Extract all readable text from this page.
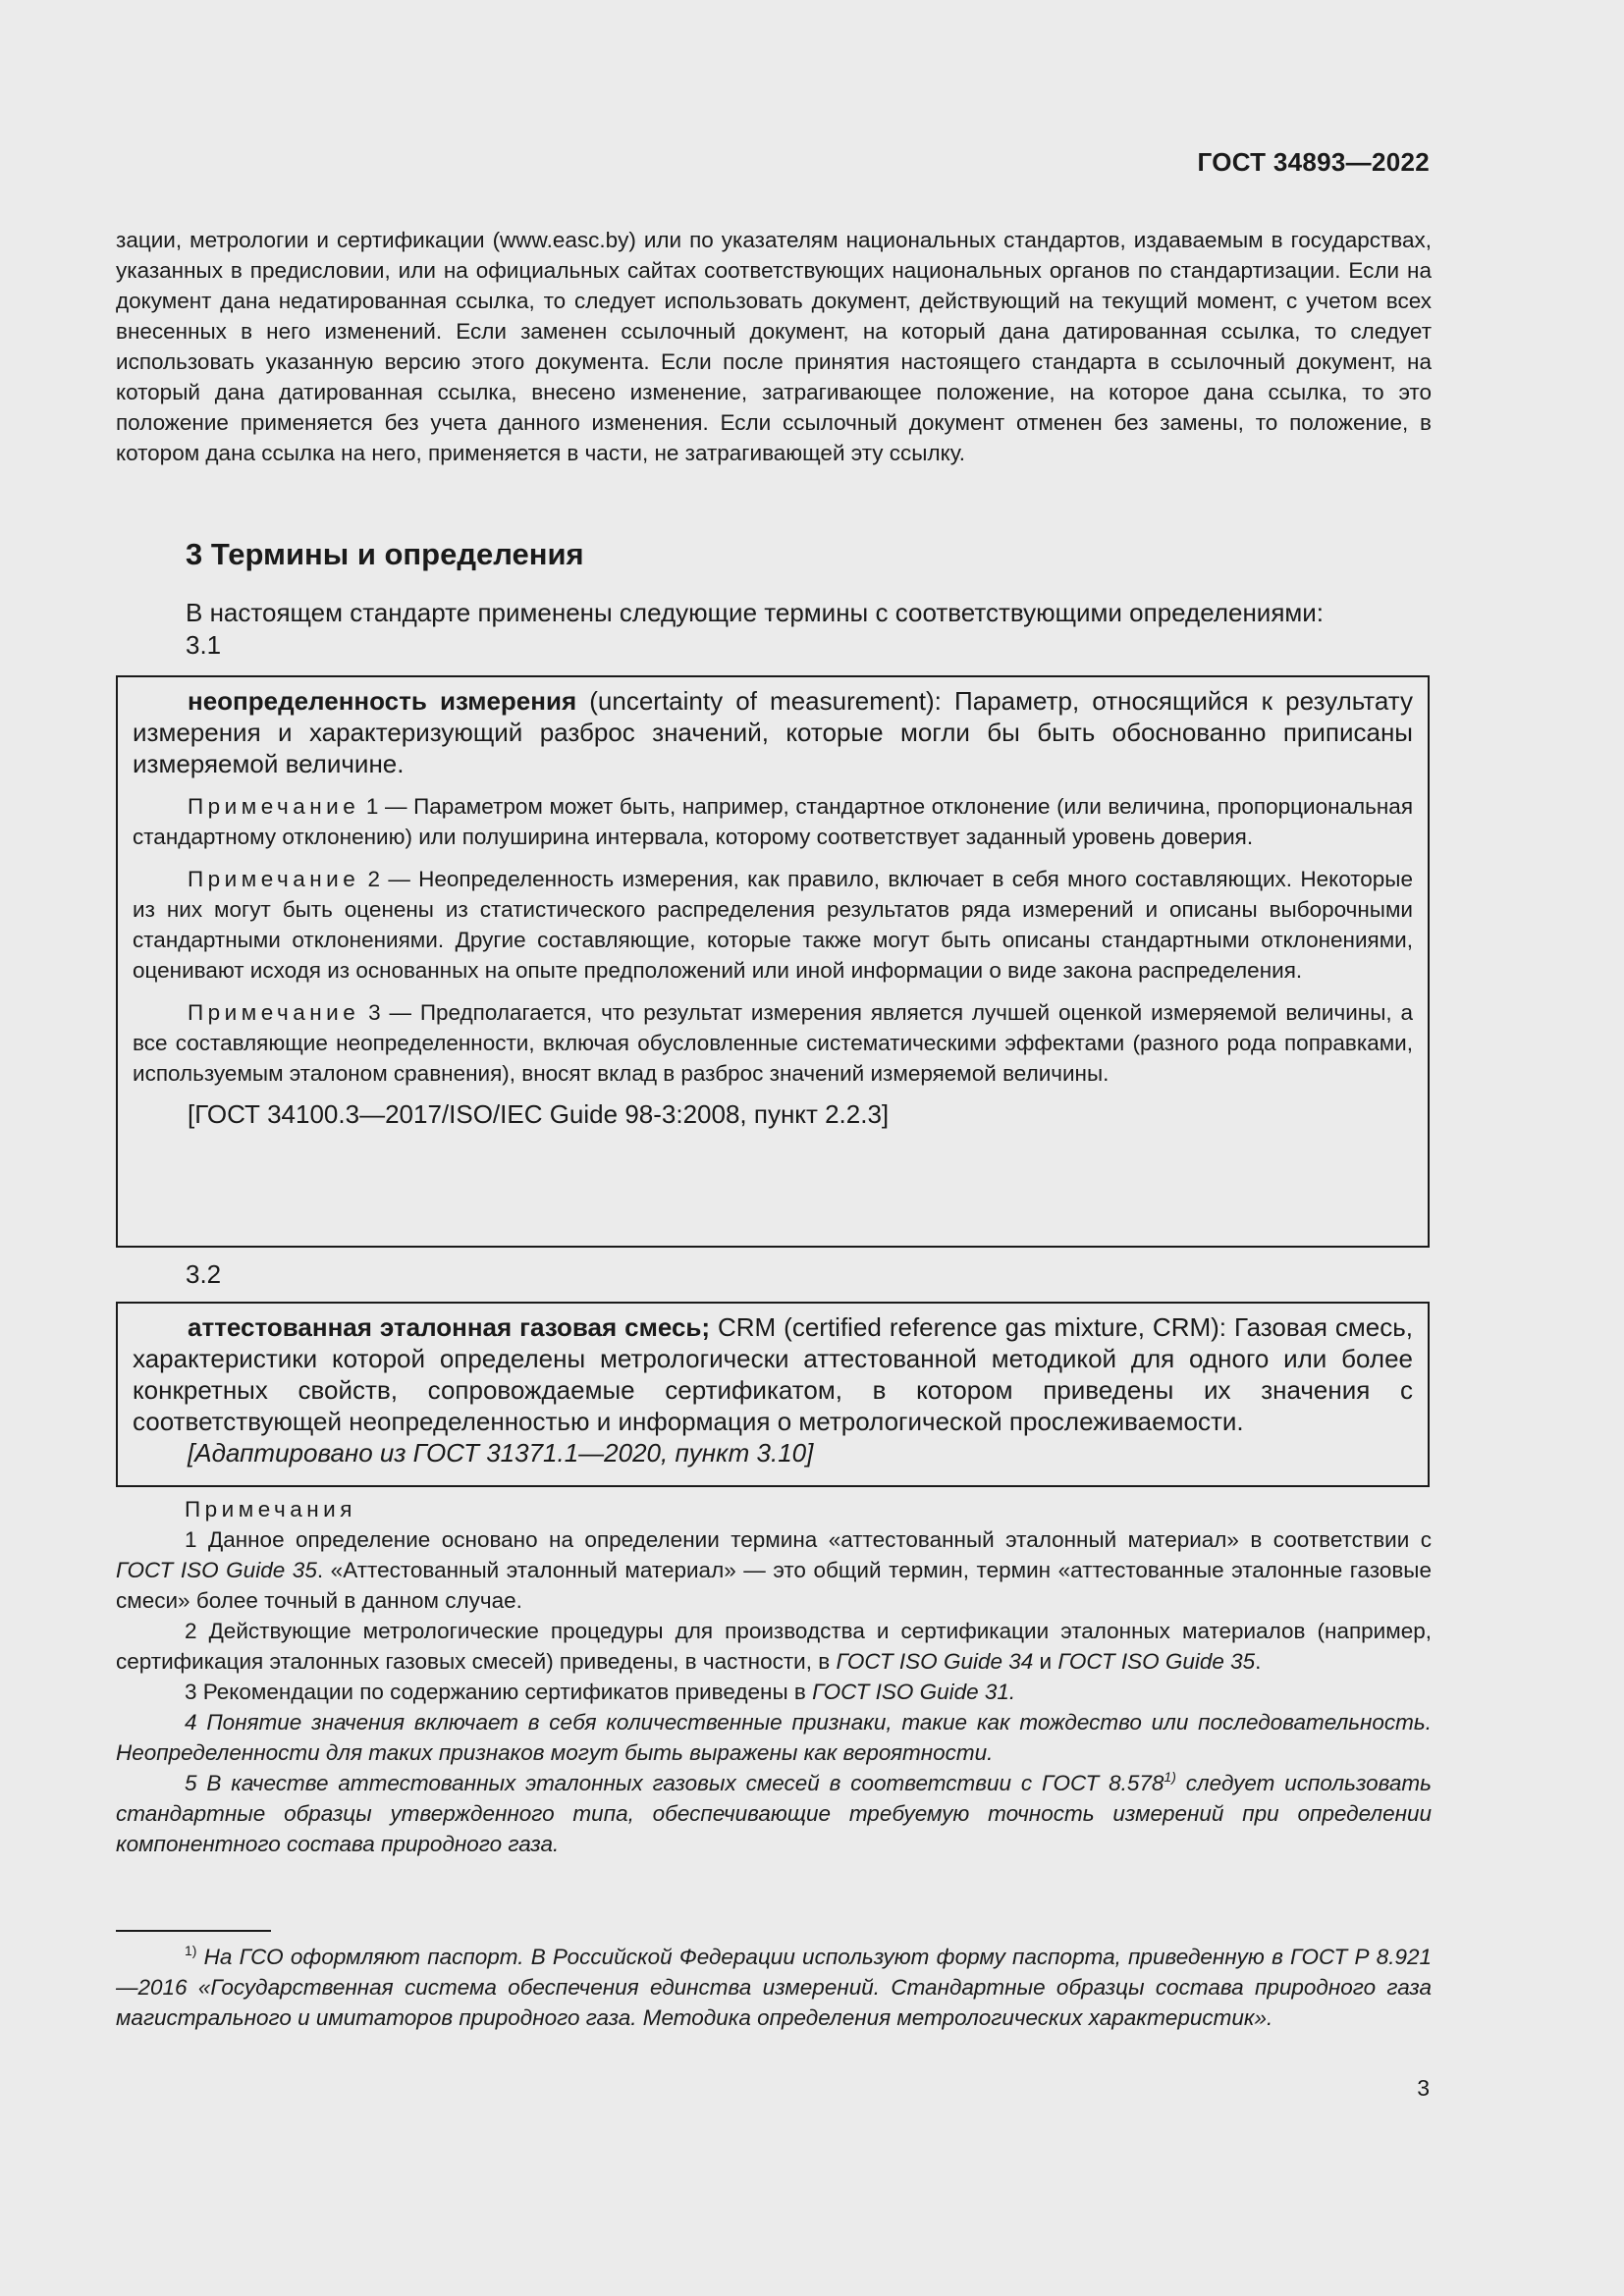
ГОСТ 34893—2022

зации, метрологии и сертификации (www.easc.by) или по указателям национальных стандартов, издаваемым в государствах, указанных в предисловии, или на официальных сайтах соответствующих национальных органов по стандартизации. Если на документ дана недатированная ссылка, то следует использовать документ, действующий на текущий момент, с учетом всех внесенных в него изменений. Если заменен ссылочный документ, на который дана датированная ссылка, то следует использовать указанную версию этого документа. Если после принятия настоящего стандарта в ссылочный документ, на который дана датированная ссылка, внесено изменение, затрагивающее положение, на которое дана ссылка, то это положение применяется без учета данного изменения. Если ссылочный документ отменен без замены, то положение, в котором дана ссылка на него, применяется в части, не затрагивающей эту ссылку.

3 Термины и определения
В настоящем стандарте применены следующие термины с соответствующими определениями:
3.1

неопределенность измерения (uncertainty of measurement): Параметр, относящийся к результату измерения и характеризующий разброс значений, которые могли бы быть обоснованно приписаны измеряемой величине.

Примечание 1 — Параметром может быть, например, стандартное отклонение (или величина, пропорциональная стандартному отклонению) или полуширина интервала, которому соответствует заданный уровень доверия.

Примечание 2 — Неопределенность измерения, как правило, включает в себя много составляющих. Некоторые из них могут быть оценены из статистического распределения результатов ряда измерений и описаны выборочными стандартными отклонениями. Другие составляющие, которые также могут быть описаны стандартными отклонениями, оценивают исходя из основанных на опыте предположений или иной информации о виде закона распределения.

Примечание 3 — Предполагается, что результат измерения является лучшей оценкой измеряемой величины, а все составляющие неопределенности, включая обусловленные систематическими эффектами (разного рода поправками, используемым эталоном сравнения), вносят вклад в разброс значений измеряемой величины.

[ГОСТ 34100.3—2017/ISO/IEC Guide 98-3:2008, пункт 2.2.3]

3.2

аттестованная эталонная газовая смесь; CRM (certified reference gas mixture, CRM): Газовая смесь, характеристики которой определены метрологически аттестованной методикой для одного или более конкретных свойств, сопровождаемые сертификатом, в котором приведены их значения с соответствующей неопределенностью и информация о метрологической прослеживаемости.

[Адаптировано из ГОСТ 31371.1—2020, пункт 3.10]

Примечания

1 Данное определение основано на определении термина «аттестованный эталонный материал» в соответствии с ГОСТ ISO Guide 35. «Аттестованный эталонный материал» — это общий термин, термин «аттестованные эталонные газовые смеси» более точный в данном случае.

2 Действующие метрологические процедуры для производства и сертификации эталонных материалов (например, сертификация эталонных газовых смесей) приведены, в частности, в ГОСТ ISO Guide 34 и ГОСТ ISO Guide 35.

3 Рекомендации по содержанию сертификатов приведены в ГОСТ ISO Guide 31.

4 Понятие значения включает в себя количественные признаки, такие как тождество или последовательность. Неопределенности для таких признаков могут быть выражены как вероятности.

5 В качестве аттестованных эталонных газовых смесей в соответствии с ГОСТ 8.578$^{1)}$ следует использовать стандартные образцы утвержденного типа, обеспечивающие требуемую точность измерений при определении компонентного состава природного газа.

$^{1)}$ На ГСО оформляют паспорт. В Российской Федерации используют форму паспорта, приведенную в ГОСТ Р 8.921—2016 «Государственная система обеспечения единства измерений. Стандартные образцы состава природного газа магистрального и имитаторов природного газа. Методика определения метрологических характеристик».

3
